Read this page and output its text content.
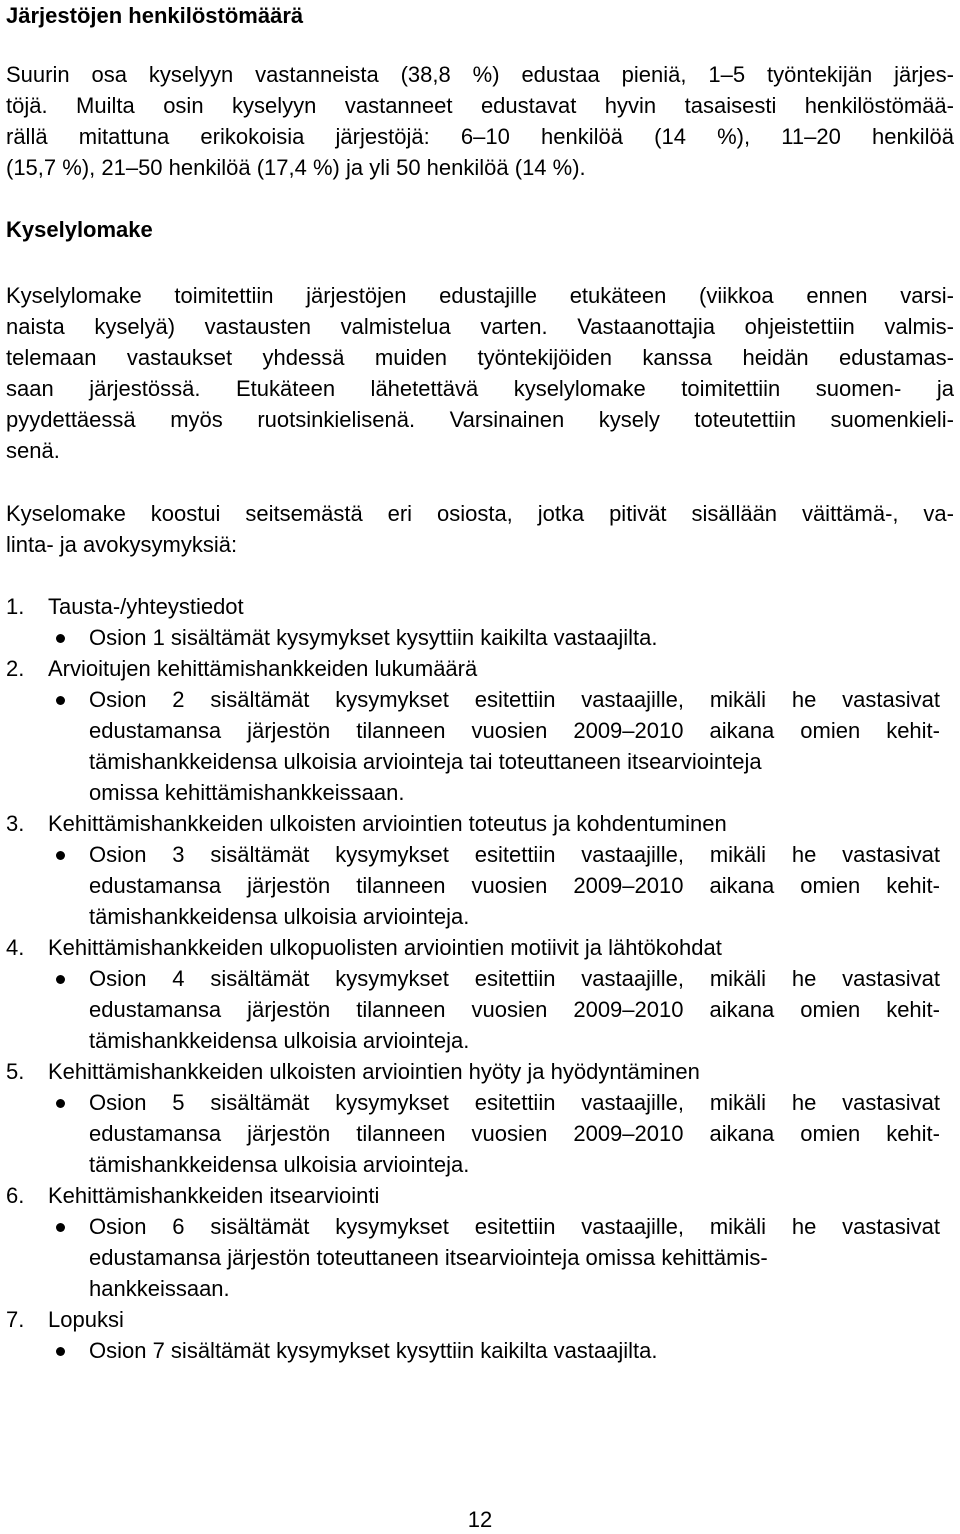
Järjestöjen henkilöstömäärä
Suurin osa kyselyyn vastanneista (38,8 %) edustaa pieniä, 1–5 työntekijän järjes-
töjä. Muilta osin kyselyyn vastanneet edustavat hyvin tasaisesti henkilöstömää-
rällä mitattuna erikokoisia järjestöjä: 6–10 henkilöä (14 %), 11–20 henkilöä
(15,7 %), 21–50 henkilöä (17,4 %) ja yli 50 henkilöä (14 %).
Kyselylomake
Kyselylomake toimitettiin järjestöjen edustajille etukäteen (viikkoa ennen varsi-
naista kyselyä) vastausten valmistelua varten. Vastaanottajia ohjeistettiin valmis-
telemaan vastaukset yhdessä muiden työntekijöiden kanssa heidän edustamas-
saan järjestössä. Etukäteen lähetettävä kyselylomake toimitettiin suomen- ja
pyydettäessä myös ruotsinkielisenä. Varsinainen kysely toteutettiin suomenkieli-
senä.
Kyselomake koostui seitsemästä eri osiosta, jotka pitivät sisällään väittämä-, va-
linta- ja avokysymyksiä:
1. Tausta-/yhteystiedot
Osion 1 sisältämät kysymykset kysyttiin kaikilta vastaajilta.
2. Arvioitujen kehittämishankkeiden lukumäärä
Osion 2 sisältämät kysymykset esitettiin vastaajille, mikäli he vastasivat
edustamansa järjestön tilanneen vuosien 2009–2010 aikana omien kehit-
tämishankkeidensa ulkoisia arviointeja tai toteuttaneen itsearviointeja
omissa kehittämishankkeissaan.
3. Kehittämishankkeiden ulkoisten arviointien toteutus ja kohdentuminen
Osion 3 sisältämät kysymykset esitettiin vastaajille, mikäli he vastasivat
edustamansa järjestön tilanneen vuosien 2009–2010 aikana omien kehit-
tämishankkeidensa ulkoisia arviointeja.
4. Kehittämishankkeiden ulkopuolisten arviointien motiivit ja lähtökohdat
Osion 4 sisältämät kysymykset esitettiin vastaajille, mikäli he vastasivat
edustamansa järjestön tilanneen vuosien 2009–2010 aikana omien kehit-
tämishankkeidensa ulkoisia arviointeja.
5. Kehittämishankkeiden ulkoisten arviointien hyöty ja hyödyntäminen
Osion 5 sisältämät kysymykset esitettiin vastaajille, mikäli he vastasivat
edustamansa järjestön tilanneen vuosien 2009–2010 aikana omien kehit-
tämishankkeidensa ulkoisia arviointeja.
6. Kehittämishankkeiden itsearviointi
Osion 6 sisältämät kysymykset esitettiin vastaajille, mikäli he vastasivat
edustamansa järjestön toteuttaneen itsearviointeja omissa kehittämis-
hankkeissaan.
7. Lopuksi
Osion 7 sisältämät kysymykset kysyttiin kaikilta vastaajilta.
12
